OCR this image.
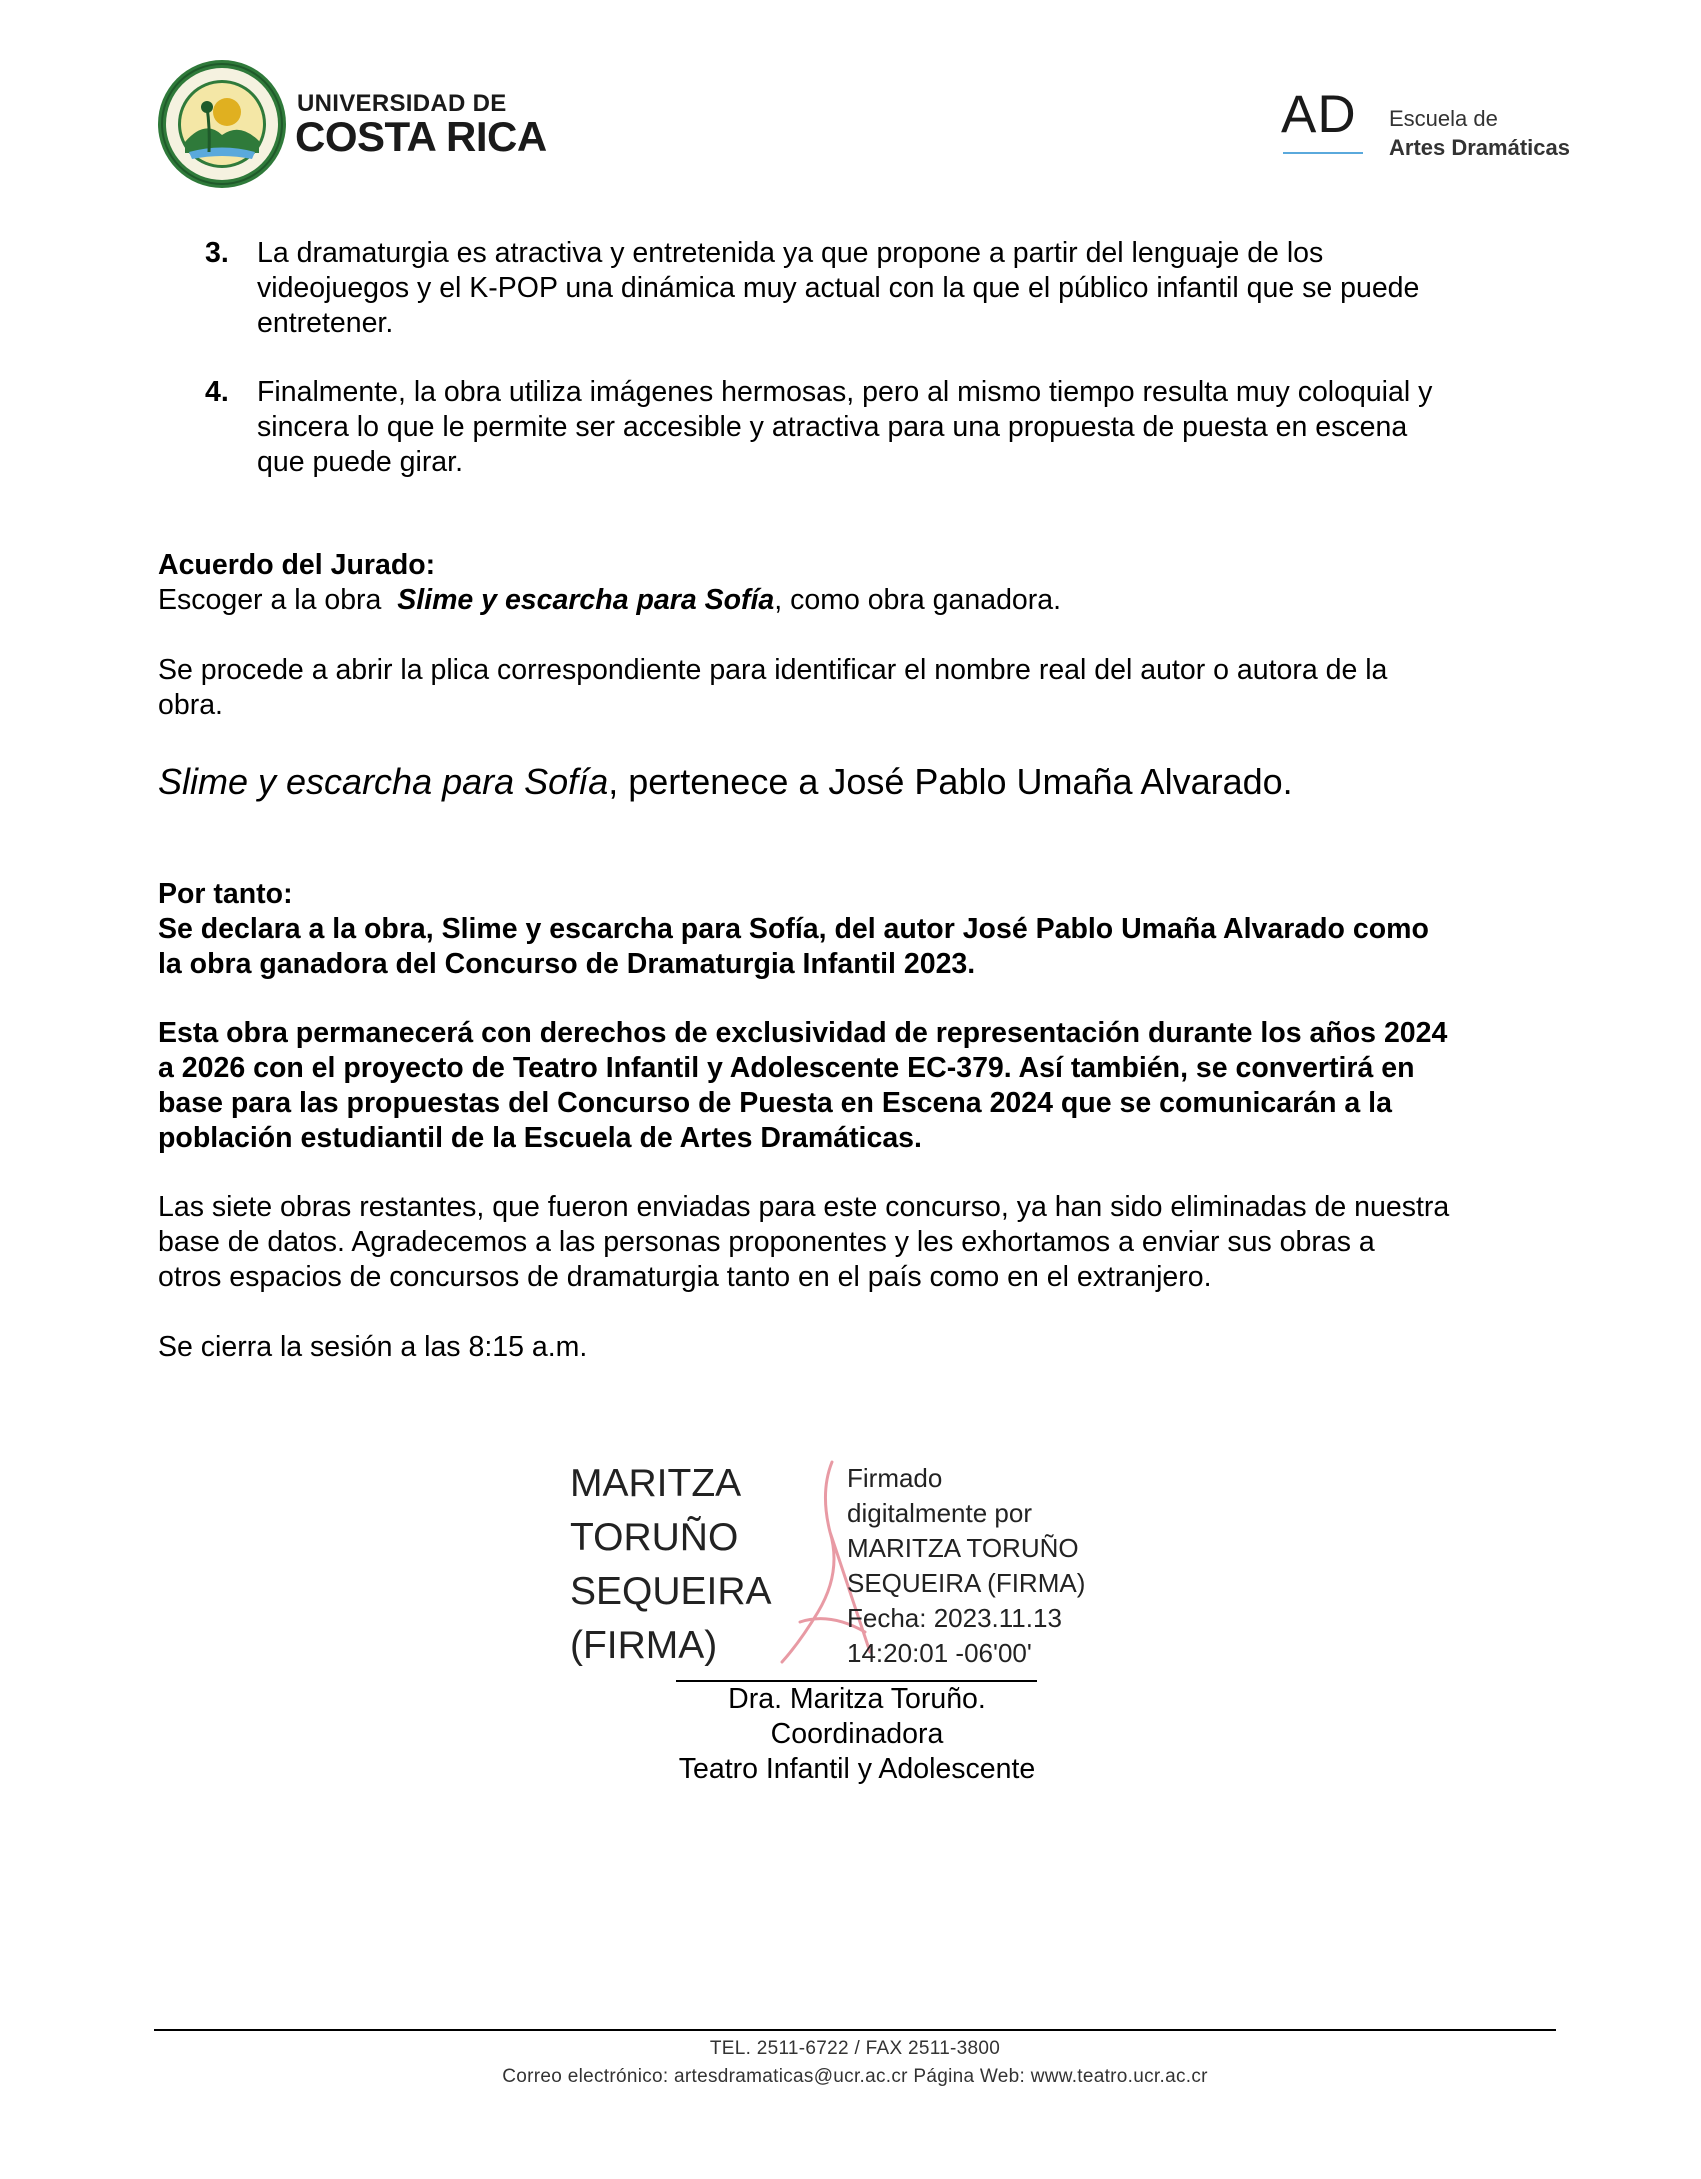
UNIVERSIDAD DE
COSTA RICA	AD Escuela de
Artes Dramáticas
3. La dramaturgia es atractiva y entretenida ya que propone a partir del lenguaje de los
videojuegos y el K-POP una dinámica muy actual con la que el público infantil que se puede
entretener.
4. Finalmente, la obra utiliza imágenes hermosas, pero al mismo tiempo resulta muy coloquial y
sincera lo que le permite ser accesible y atractiva para una propuesta de puesta en escena
que puede girar.
Acuerdo del Jurado:
Escoger a la obra  Slime y escarcha para Sofía, como obra ganadora.
Se procede a abrir la plica correspondiente para identificar el nombre real del autor o autora de la
obra.
Slime y escarcha para Sofía, pertenece a José Pablo Umaña Alvarado.
Por tanto:
Se declara a la obra, Slime y escarcha para Sofía, del autor José Pablo Umaña Alvarado como
la obra ganadora del Concurso de Dramaturgia Infantil 2023.
Esta obra permanecerá con derechos de exclusividad de representación durante los años 2024
a 2026 con el proyecto de Teatro Infantil y Adolescente EC-379. Así también, se convertirá en
base para las propuestas del Concurso de Puesta en Escena 2024 que se comunicarán a la
población estudiantil de la Escuela de Artes Dramáticas.
Las siete obras restantes, que fueron enviadas para este concurso, ya han sido eliminadas de nuestra
base de datos. Agradecemos a las personas proponentes y les exhortamos a enviar sus obras a
otros espacios de concursos de dramaturgia tanto en el país como en el extranjero.
Se cierra la sesión a las 8:15 a.m.
MARITZA
TORUÑO
SEQUEIRA
(FIRMA)
Firmado
digitalmente por
MARITZA TORUÑO
SEQUEIRA (FIRMA)
Fecha: 2023.11.13
14:20:01 -06'00'
Dra. Maritza Toruño.
Coordinadora
Teatro Infantil y Adolescente
TEL. 2511-6722 / FAX 2511-3800
Correo electrónico: artesdramaticas@ucr.ac.cr Página Web: www.teatro.ucr.ac.cr
